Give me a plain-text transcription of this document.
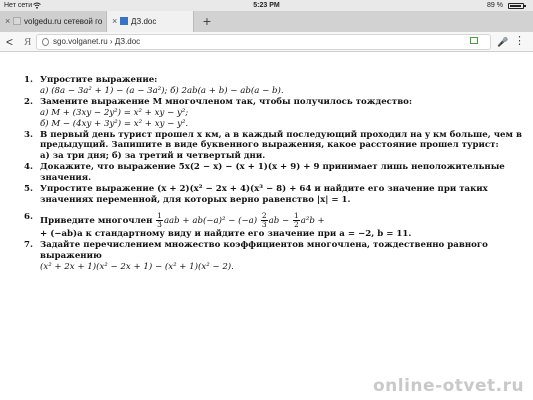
Нет сети	5:23 PM	89 %
× volgedu.ru сетевой го	× ДЗ.doc	+
< Я	sgo.volganet.ru › ДЗ.doc	🎤 ⋮
1. Упростите выражение:
а) (8a − 3a² + 1) − (a − 3a²); б) 2ab(a + b) − ab(a − b).
2. Замените выражение M многочленом так, чтобы получилось тождество:
а) M + (3xy − 2y²) = x² + xy − y²;
б) M − (4xy + 3y²) = x² + xy − y².
3. В первый день турист прошел x км, а в каждый последующий проходил на y км больше, чем в предыдущий. Запишите в виде буквенного выражения, какое расстояние прошел турист:
а) за три дня; б) за третий и четвертый дни.
4. Докажите, что выражение 5x(2 − x) − (x + 1)(x + 9) + 9 принимает лишь неположительные значения.
5. Упростите выражение (x + 2)(x² − 2x + 4)(x³ − 8) + 64 и найдите его значение при таких значениях переменной, для которых верно равенство |x| = 1.
6. Приведите многочлен $\frac{1}{3}$ aab + $ab(-a)^2 - (-a) \frac{2}{3}$ ab − $\frac{1}{2} a^2b$ +
+ (−ab)a к стандартному виду и найдите его значение при a = −2, b = 11.
7. Задайте перечислением множество коэффициентов многочлена, тождественно равного выражению
(x² + 2x + 1)(x² − 2x + 1) − (x² + 1)(x² − 2).
online-otvet.ru
